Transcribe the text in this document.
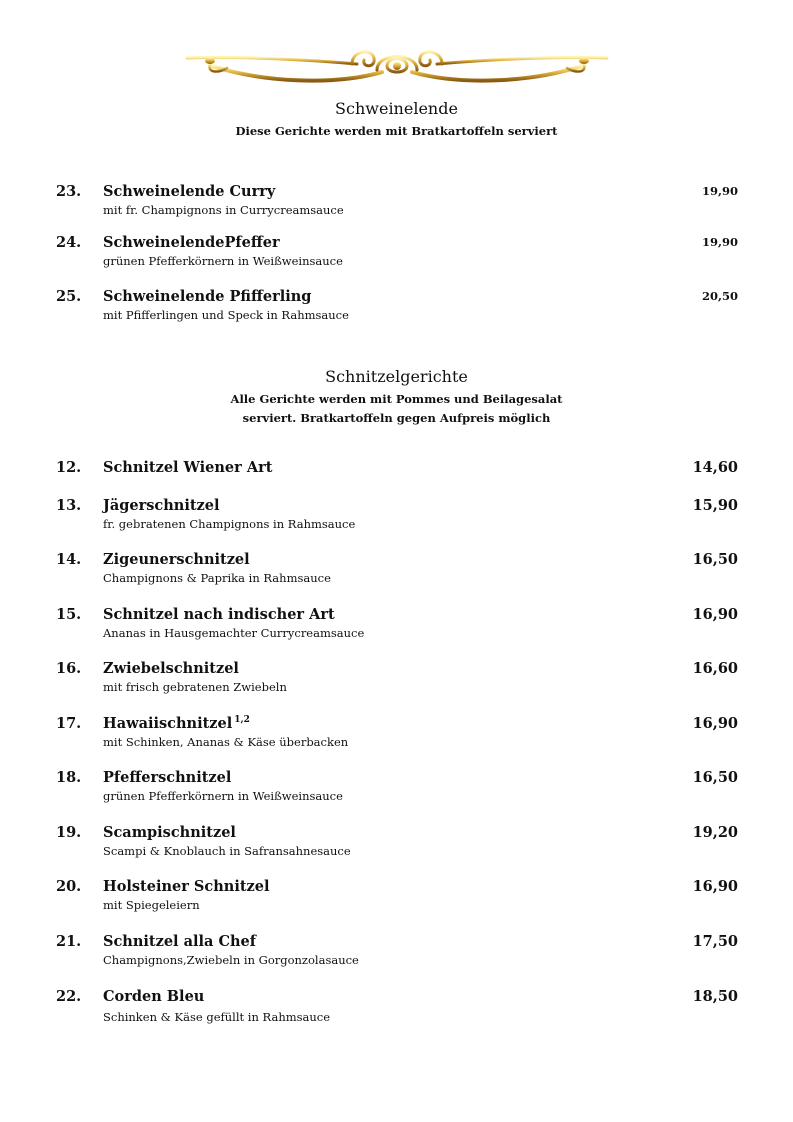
Schweinelende
Diese Gerichte werden mit Bratkartoffeln serviert
23. Schweinelende Curry
mit fr. Champignons in Currycreamsauce
19,90
24. SchweinelendePfeffer
grünen Pfefferkörnern in Weißweinsauce
19,90
25. Schweinelende Pfifferling
mit Pfifferlingen und Speck in Rahmsauce
20,50
Schnitzelgerichte
Alle Gerichte werden mit Pommes und Beilagesalat
serviert. Bratkartoffeln gegen Aufpreis möglich
12. Schnitzel Wiener Art	14,60
13. Jägerschnitzel
fr. gebratenen Champignons in Rahmsauce
15,90
14. Zigeunerschnitzel
Champignons & Paprika in Rahmsauce
16,50
15. Schnitzel nach indischer Art
Ananas in Hausgemachter Currycreamsauce
16,90
16. Zwiebelschnitzel
mit frisch gebratenen Zwiebeln
16,60
17. Hawaiischnitzel $^{1,2}$
mit Schinken, Ananas & Käse überbacken
16,90
18. Pfefferschnitzel
grünen Pfefferkörnern in Weißweinsauce
16,50
19. Scampischnitzel
Scampi & Knoblauch in Safransahnesauce
19,20
20. Holsteiner Schnitzel
mit Spiegeleiern
16,90
21. Schnitzel alla Chef
Champignons,Zwiebeln in Gorgonzolasauce
17,50
22. Corden Bleu
Schinken & Käse gefüllt in Rahmsauce
18,50
